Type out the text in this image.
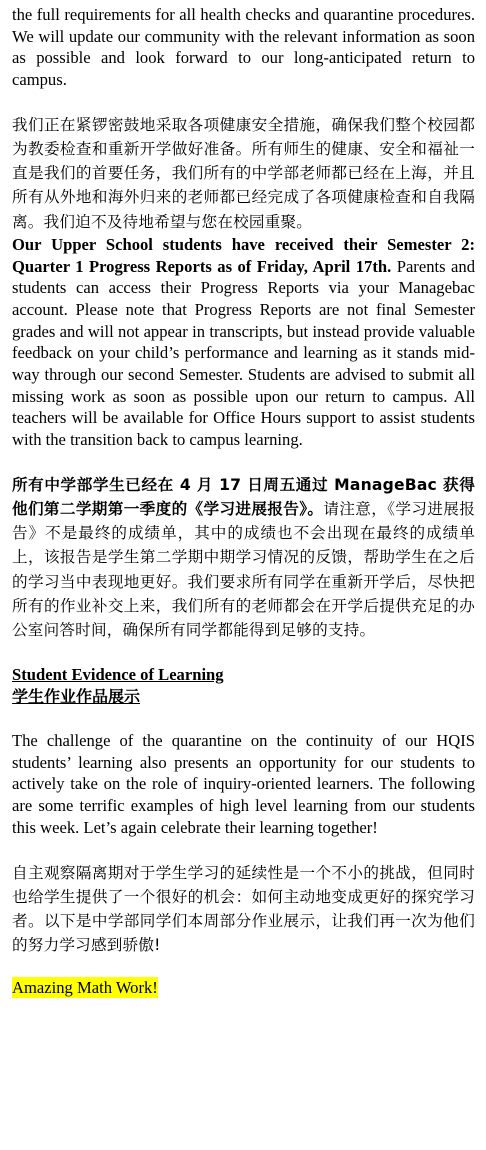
the full requirements for all health checks and quarantine procedures. We will update our community with the relevant information as soon as possible and look forward to our long-anticipated return to campus.

我们正在紧锣密鼓地采取各项健康安全措施，确保我们整个校园都为教委检查和重新开学做好准备。所有师生的健康、安全和福祉一直是我们的首要任务，我们所有的中学部老师都已经在上海，并且所有从外地和海外归来的老师都已经完成了各项健康检查和自我隔离。我们迫不及待地希望与您在校园重聚。

Our Upper School students have received their Semester 2: Quarter 1 Progress Reports as of Friday, April 17th. Parents and students can access their Progress Reports via your Managebac account. Please note that Progress Reports are not final Semester grades and will not appear in transcripts, but instead provide valuable feedback on your child’s performance and learning as it stands mid-way through our second Semester. Students are advised to submit all missing work as soon as possible upon our return to campus. All teachers will be available for Office Hours support to assist students with the transition back to campus learning.

所有中学部学生已经在 4 月 17 日周五通过 ManageBac 获得他们第二学期第一季度的《学习进展报告》。请注意，《学习进展报告》不是最终的成绩单，其中的成绩也不会出现在最终的成绩单上，该报告是学生第二学期中期学习情况的反馈，帮助学生在之后的学习当中表现地更好。我们要求所有同学在重新开学后，尽快把所有的作业补交上来，我们所有的老师都会在开学后提供充足的办公室问答时间，确保所有同学都能得到足够的支持。

Student Evidence of Learning
学生作业作品展示

The challenge of the quarantine on the continuity of our HQIS students’ learning also presents an opportunity for our students to actively take on the role of inquiry-oriented learners. The following are some terrific examples of high level learning from our students this week. Let’s again celebrate their learning together!

自主观察隔离期对于学生学习的延续性是一个不小的挑战，但同时也给学生提供了一个很好的机会：如何主动地变成更好的探究学习者。以下是中学部同学们本周部分作业展示，让我们再一次为他们的努力学习感到骄傲!

Amazing Math Work!
